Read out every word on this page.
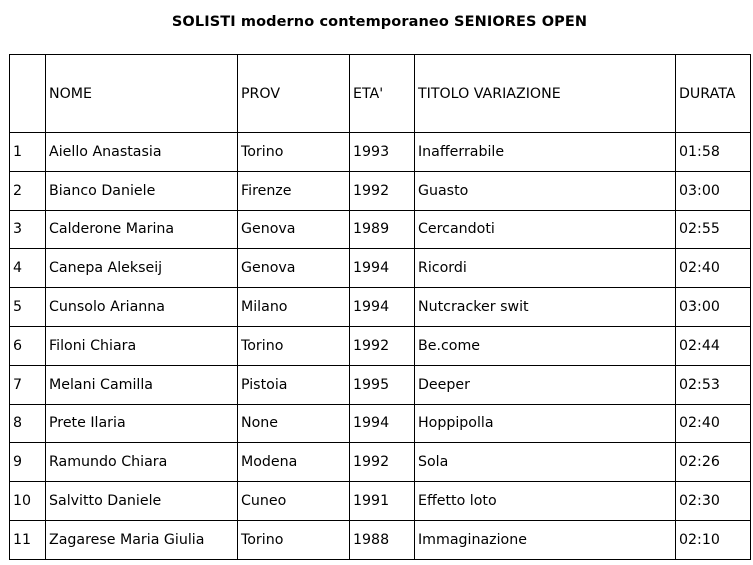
SOLISTI moderno contemporaneo SENIORES OPEN
	NOME	PROV	ETA'	TITOLO VARIAZIONE	DURATA
1	Aiello Anastasia	Torino	1993	Inafferrabile	01:58
2	Bianco Daniele	Firenze	1992	Guasto	03:00
3	Calderone Marina	Genova	1989	Cercandoti	02:55
4	Canepa Alekseij	Genova	1994	Ricordi	02:40
5	Cunsolo Arianna	Milano	1994	Nutcracker swit	03:00
6	Filoni Chiara	Torino	1992	Be.come	02:44
7	Melani Camilla	Pistoia	1995	Deeper	02:53
8	Prete Ilaria	None	1994	Hoppipolla	02:40
9	Ramundo Chiara	Modena	1992	Sola	02:26
10	Salvitto Daniele	Cuneo	1991	Effetto loto	02:30
11	Zagarese Maria Giulia	Torino	1988	Immaginazione	02:10
